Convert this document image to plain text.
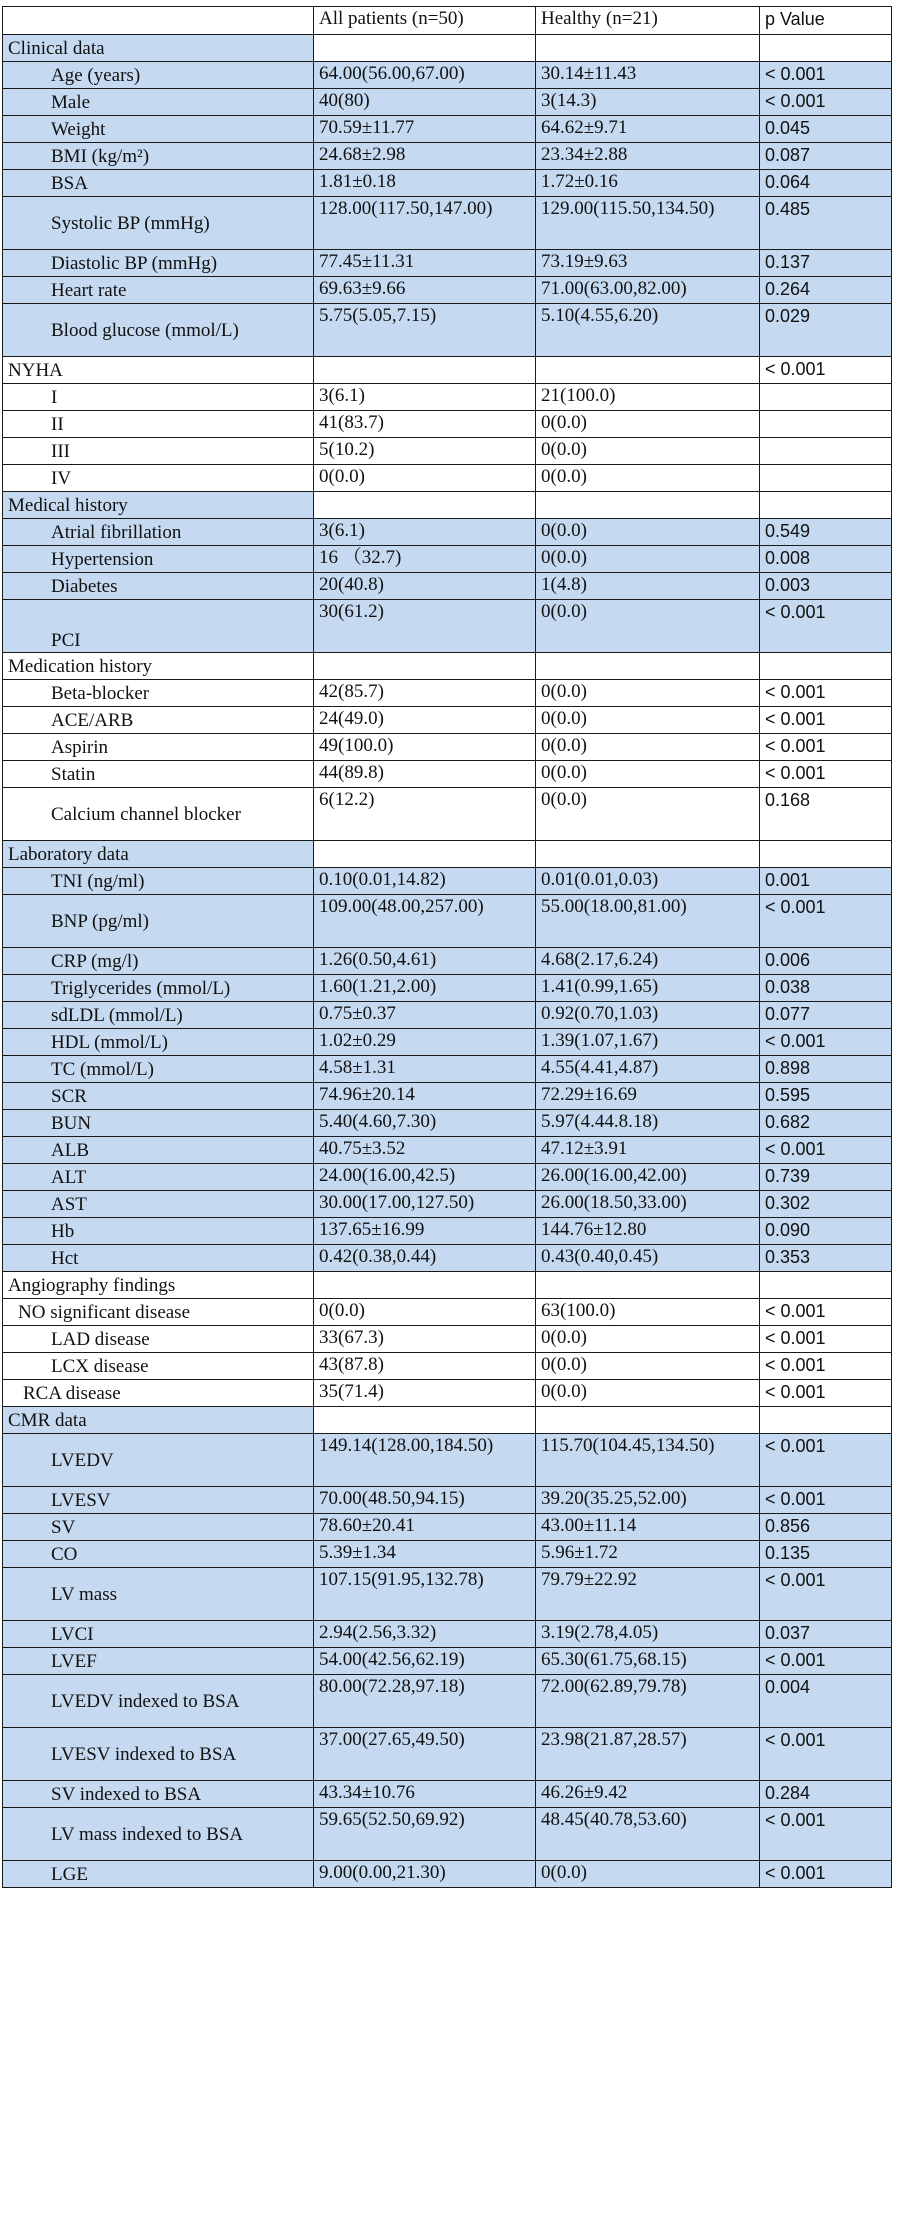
	All patients (n=50)	Healthy (n=21)	p Value
Clinical data			
Age (years)	64.00(56.00,67.00)	30.14±11.43	< 0.001
Male	40(80)	3(14.3)	< 0.001
Weight	70.59±11.77	64.62±9.71	0.045
BMI (kg/m²)	24.68±2.98	23.34±2.88	0.087
BSA	1.81±0.18	1.72±0.16	0.064
Systolic BP (mmHg)	128.00(117.50,147.00)	129.00(115.50,134.50)	0.485
Diastolic BP (mmHg)	77.45±11.31	73.19±9.63	0.137
Heart rate	69.63±9.66	71.00(63.00,82.00)	0.264
Blood glucose (mmol/L)	5.75(5.05,7.15)	5.10(4.55,6.20)	0.029
NYHA			< 0.001
I	3(6.1)	21(100.0)	
II	41(83.7)	0(0.0)	
III	5(10.2)	0(0.0)	
IV	0(0.0)	0(0.0)	
Medical history			
Atrial fibrillation	3(6.1)	0(0.0)	0.549
Hypertension	16 （32.7)	0(0.0)	0.008
Diabetes	20(40.8)	1(4.8)	0.003
PCI	30(61.2)	0(0.0)	< 0.001
Medication history			
Beta-blocker	42(85.7)	0(0.0)	< 0.001
ACE/ARB	24(49.0)	0(0.0)	< 0.001
Aspirin	49(100.0)	0(0.0)	< 0.001
Statin	44(89.8)	0(0.0)	< 0.001
Calcium channel blocker	6(12.2)	0(0.0)	0.168
Laboratory data			
TNI (ng/ml)	0.10(0.01,14.82)	0.01(0.01,0.03)	0.001
BNP (pg/ml)	109.00(48.00,257.00)	55.00(18.00,81.00)	< 0.001
CRP (mg/l)	1.26(0.50,4.61)	4.68(2.17,6.24)	0.006
Triglycerides (mmol/L)	1.60(1.21,2.00)	1.41(0.99,1.65)	0.038
sdLDL (mmol/L)	0.75±0.37	0.92(0.70,1.03)	0.077
HDL (mmol/L)	1.02±0.29	1.39(1.07,1.67)	< 0.001
TC (mmol/L)	4.58±1.31	4.55(4.41,4.87)	0.898
SCR	74.96±20.14	72.29±16.69	0.595
BUN	5.40(4.60,7.30)	5.97(4.44.8.18)	0.682
ALB	40.75±3.52	47.12±3.91	< 0.001
ALT	24.00(16.00,42.5)	26.00(16.00,42.00)	0.739
AST	30.00(17.00,127.50)	26.00(18.50,33.00)	0.302
Hb	137.65±16.99	144.76±12.80	0.090
Hct	0.42(0.38,0.44)	0.43(0.40,0.45)	0.353
Angiography findings			
NO significant disease	0(0.0)	63(100.0)	< 0.001
LAD disease	33(67.3)	0(0.0)	< 0.001
LCX disease	43(87.8)	0(0.0)	< 0.001
RCA disease	35(71.4)	0(0.0)	< 0.001
CMR data			
LVEDV	149.14(128.00,184.50)	115.70(104.45,134.50)	< 0.001
LVESV	70.00(48.50,94.15)	39.20(35.25,52.00)	< 0.001
SV	78.60±20.41	43.00±11.14	0.856
CO	5.39±1.34	5.96±1.72	0.135
LV mass	107.15(91.95,132.78)	79.79±22.92	< 0.001
LVCI	2.94(2.56,3.32)	3.19(2.78,4.05)	0.037
LVEF	54.00(42.56,62.19)	65.30(61.75,68.15)	< 0.001
LVEDV indexed to BSA	80.00(72.28,97.18)	72.00(62.89,79.78)	0.004
LVESV indexed to BSA	37.00(27.65,49.50)	23.98(21.87,28.57)	< 0.001
SV indexed to BSA	43.34±10.76	46.26±9.42	0.284
LV mass indexed to BSA	59.65(52.50,69.92)	48.45(40.78,53.60)	< 0.001
LGE	9.00(0.00,21.30)	0(0.0)	< 0.001
